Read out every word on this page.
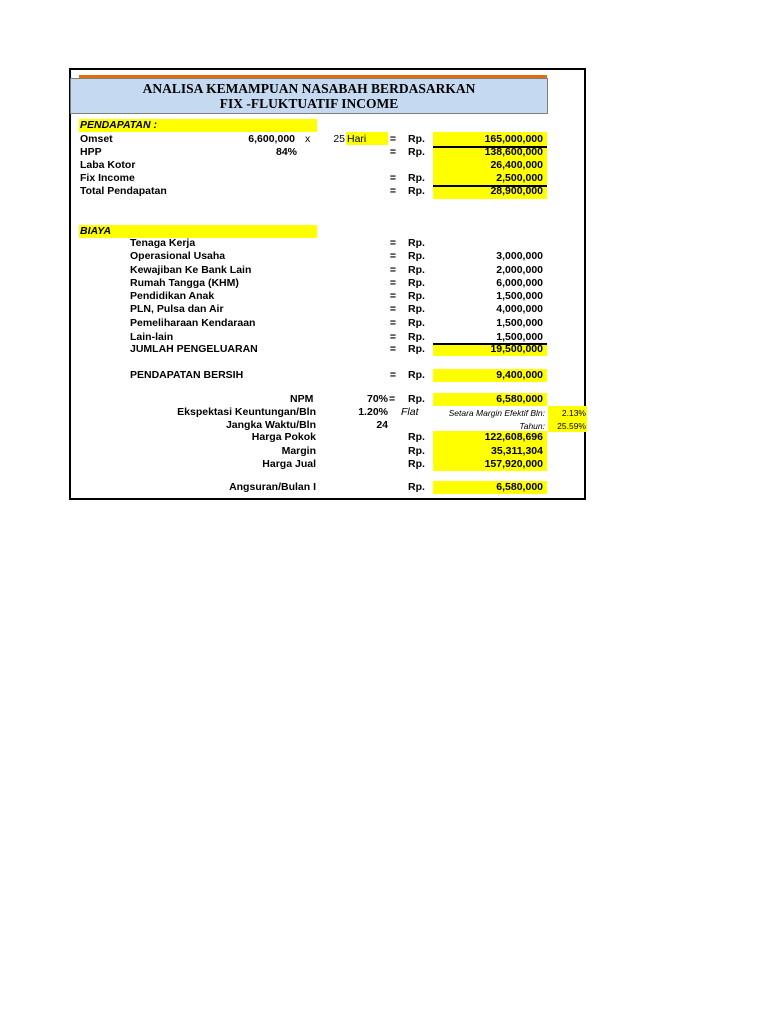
ANALISA KEMAMPUAN NASABAH BERDASARKAN
FIX -FLUKTUATIF INCOME
PENDAPATAN :
Omset	6,600,000 x	25 Hari	=	Rp.	165,000,000
HPP	84%	=	Rp.	138,600,000
Laba Kotor	26,400,000
Fix Income	=	Rp.	2,500,000
Total Pendapatan	=	Rp.	28,900,000
BIAYA
Tenaga Kerja	=	Rp.
Operasional Usaha	=	Rp.	3,000,000
Kewajiban Ke Bank Lain	=	Rp.	2,000,000
Rumah Tangga (KHM)	=	Rp.	6,000,000
Pendidikan Anak	=	Rp.	1,500,000
PLN, Pulsa dan Air	=	Rp.	4,000,000
Pemeliharaan Kendaraan	=	Rp.	1,500,000
Lain-lain	=	Rp.	1,500,000
JUMLAH PENGELUARAN	=	Rp.	19,500,000
PENDAPATAN BERSIH	=	Rp.	9,400,000
NPM	70% = Rp.	6,580,000
Ekspektasi Keuntungan/Bln	1.20% Flat	Setara Margin Efektif Bln:	2.13%
Jangka Waktu/Bln	24	Tahun:	25.59%
Harga Pokok	Rp.	122,608,696
Margin	Rp.	35,311,304
Harga Jual	Rp.	157,920,000
Angsuran/Bulan I	Rp.	6,580,000
